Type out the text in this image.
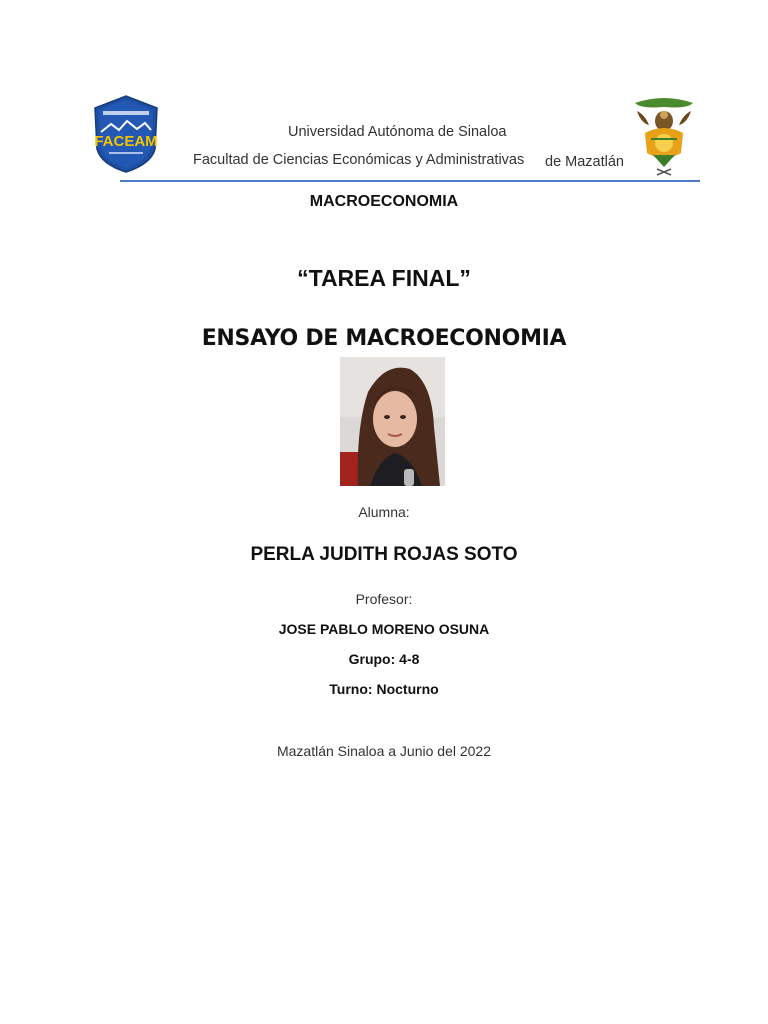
FACEAM
Universidad Autónoma de Sinaloa
Facultad de Ciencias Económicas y Administrativas de Mazatlán
MACROECONOMIA
“TAREA FINAL”
ENSAYO DE MACROECONOMIA
Alumna:
PERLA JUDITH ROJAS SOTO
Profesor:
JOSE PABLO MORENO OSUNA
Grupo: 4-8
Turno: Nocturno
Mazatlán Sinaloa a Junio del 2022
